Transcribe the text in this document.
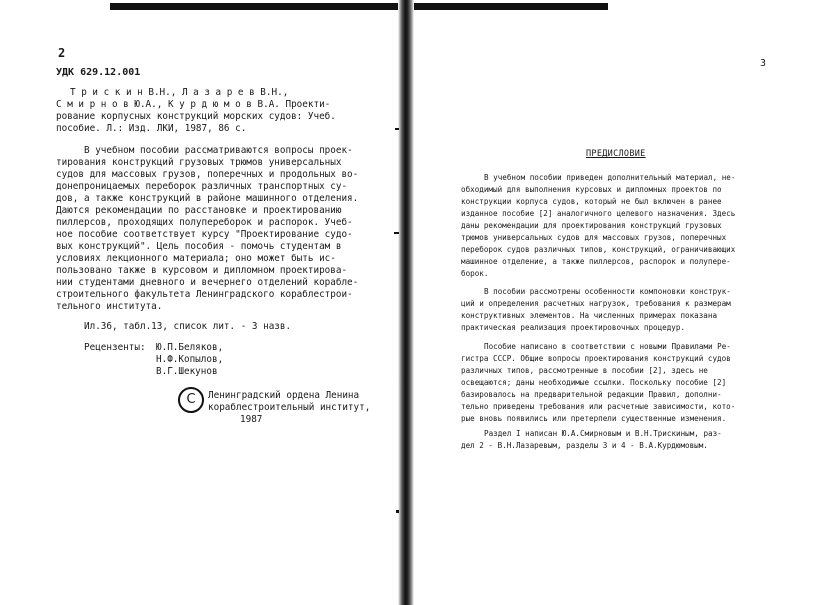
2
УДК 629.12.001
Т р и с к и н В.Н., Л а з а р е в В.Н.,
С м и р н о в Ю.А., К у р д ю м о в В.А. Проекти-
рование корпусных конструкций морских судов: Учеб.
пособие. Л.: Изд. ЛКИ, 1987, 86 с.
В учебном пособии рассматриваются вопросы проек-
тирования конструкций грузовых трюмов универсальных
судов для массовых грузов, поперечных и продольных во-
донепроницаемых переборок различных транспортных су-
дов, а также конструкций в районе машинного отделения.
Даются рекомендации по расстановке и проектированию
пиллерсов, проходящих полупереборок и распорок. Учеб-
ное пособие соответствует курсу "Проектирование судо-
вых конструкций". Цель пособия - помочь студентам в
условиях лекционного материала; оно может быть ис-
пользовано также в курсовом и дипломном проектирова-
нии студентами дневного и вечернего отделений корабле-
строительного факультета Ленинградского кораблестрои-
тельного института.
Ил.36, табл.13, список лит. - 3 назв.
Рецензенты: Ю.П.Беляков,
Н.Ф.Копылов,
В.Г.Шекунов
C	Ленинградский ордена Ленина
кораблестроительный институт,
1987
3
ПРЕДИСЛОВИЕ
В учебном пособии приведен дополнительный материал, не-
обходимый для выполнения курсовых и дипломных проектов по
конструкции корпуса судов, который не был включен в ранее
изданное пособие [2] аналогичного целевого назначения. Здесь
даны рекомендации для проектирования конструкций грузовых
трюмов универсальных судов для массовых грузов, поперечных
переборок судов различных типов, конструкций, ограничивающих
машинное отделение, а также пиллерсов, распорок и полупере-
борок.
В пособии рассмотрены особенности компоновки конструк-
ций и определения расчетных нагрузок, требования к размерам
конструктивных элементов. На численных примерах показана
практическая реализация проектировочных процедур.
Пособие написано в соответствии с новыми Правилами Ре-
гистра СССР. Общие вопросы проектирования конструкций судов
различных типов, рассмотренные в пособии [2], здесь не
освещаются; даны необходимые ссылки. Поскольку пособие [2]
базировалось на предварительной редакции Правил, дополни-
тельно приведены требования или расчетные зависимости, кото-
рые вновь появились или претерпели существенные изменения.
Раздел I написан Ю.А.Смирновым и В.Н.Трискиным, раз-
дел 2 - В.Н.Лазаревым, разделы 3 и 4 - В.А.Курдюмовым.
